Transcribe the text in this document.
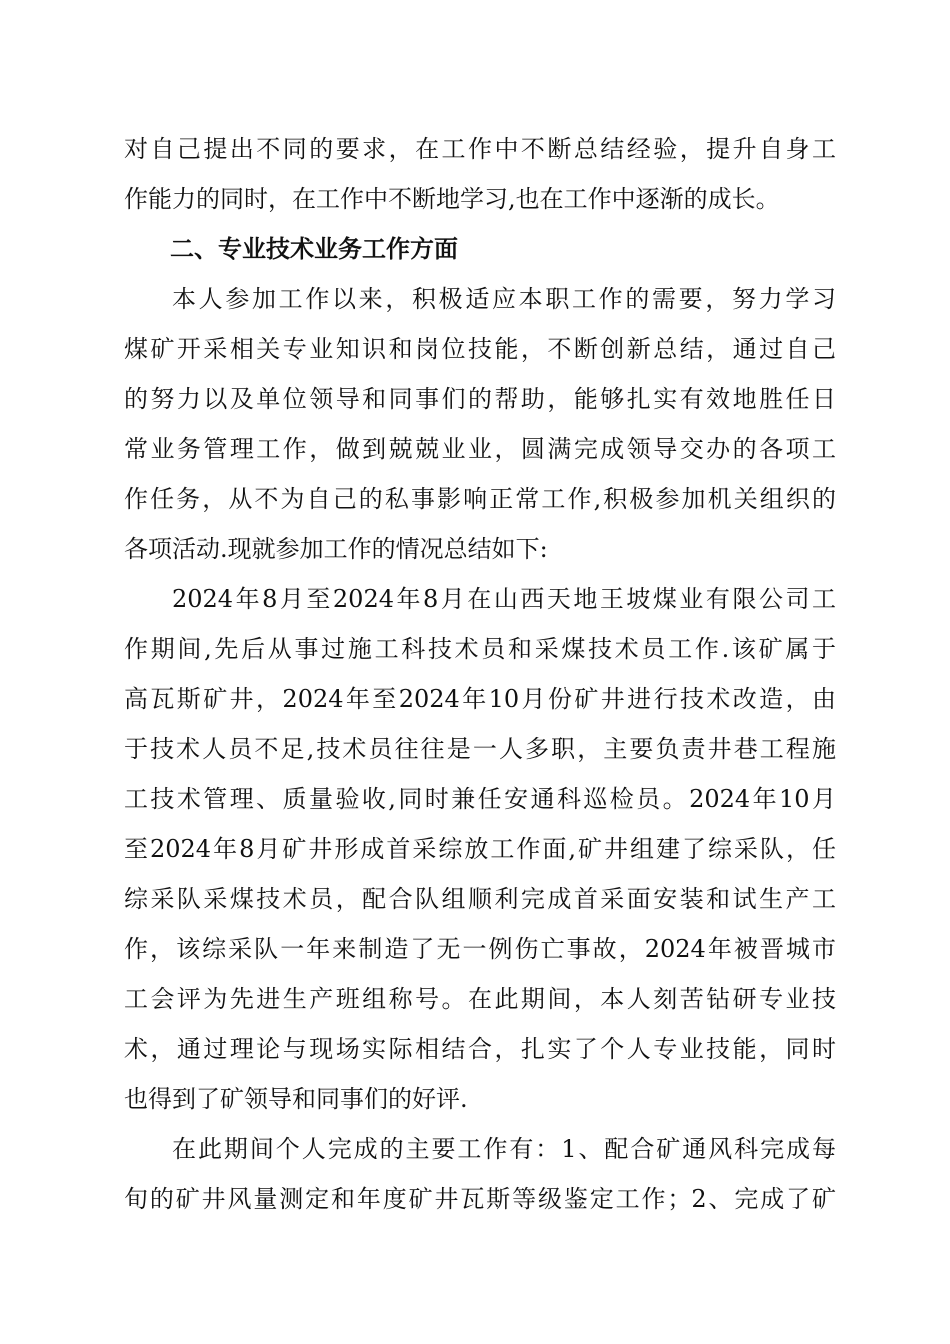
对自己提出不同的要求，在工作中不断总结经验，提升自身工
作能力的同时，在工作中不断地学习,也在工作中逐渐的成长。
二、专业技术业务工作方面
本人参加工作以来，积极适应本职工作的需要，努力学习
煤矿开采相关专业知识和岗位技能，不断创新总结，通过自己
的努力以及单位领导和同事们的帮助，能够扎实有效地胜任日
常业务管理工作，做到兢兢业业，圆满完成领导交办的各项工
作任务，从不为自己的私事影响正常工作,积极参加机关组织的
各项活动.现就参加工作的情况总结如下:
2024年8月至2024年8月在山西天地王坡煤业有限公司工
作期间,先后从事过施工科技术员和采煤技术员工作.该矿属于
高瓦斯矿井，2024年至2024年10月份矿井进行技术改造，由
于技术人员不足,技术员往往是一人多职，主要负责井巷工程施
工技术管理、质量验收,同时兼任安通科巡检员。2024年10月
至2024年8月矿井形成首采综放工作面,矿井组建了综采队，任
综采队采煤技术员，配合队组顺利完成首采面安装和试生产工
作，该综采队一年来制造了无一例伤亡事故，2024年被晋城市
工会评为先进生产班组称号。在此期间，本人刻苦钻研专业技
术，通过理论与现场实际相结合，扎实了个人专业技能，同时
也得到了矿领导和同事们的好评.
在此期间个人完成的主要工作有：1、配合矿通风科完成每
旬的矿井风量测定和年度矿井瓦斯等级鉴定工作；2、完成了矿
